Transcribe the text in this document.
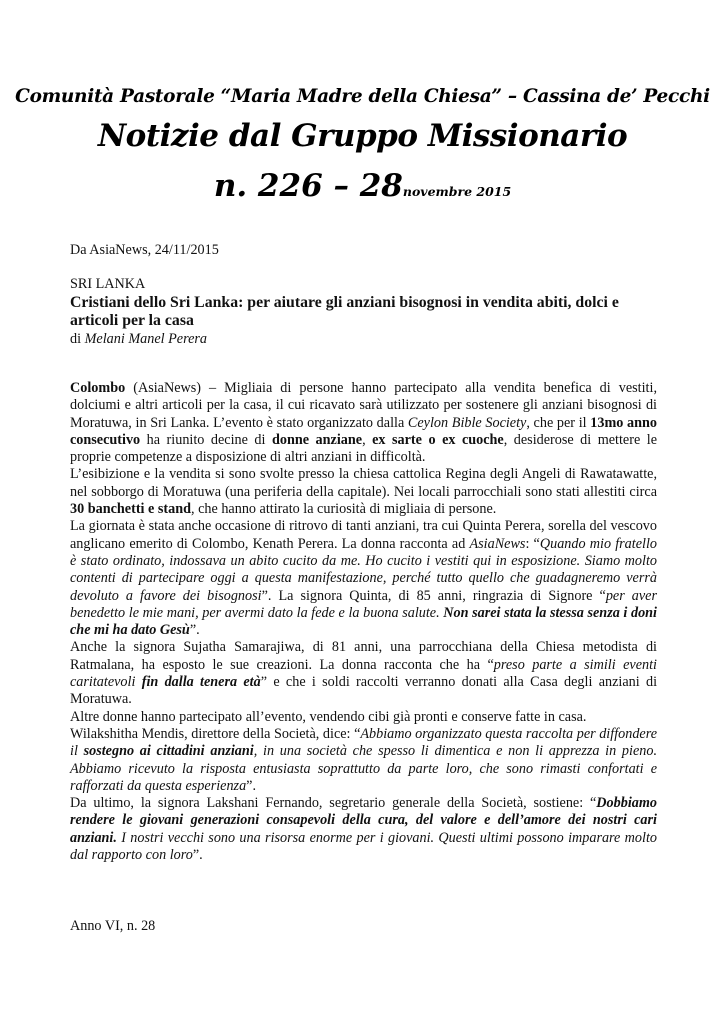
Comunità Pastorale “Maria Madre della Chiesa” – Cassina de’ Pecchi
Notizie dal Gruppo Missionario
n. 226 – 28novembre 2015
Da AsiaNews, 24/11/2015
SRI LANKA
Cristiani dello Sri Lanka: per aiutare gli anziani bisognosi in vendita abiti, dolci e articoli per la casa
di Melani Manel Perera

Colombo (AsiaNews) – Migliaia di persone hanno partecipato alla vendita benefica di vestiti, dolciumi e altri articoli per la casa, il cui ricavato sarà utilizzato per sostenere gli anziani bisognosi di Moratuwa, in Sri Lanka. L’evento è stato organizzato dalla Ceylon Bible Society, che per il 13mo anno consecutivo ha riunito decine di donne anziane, ex sarte o ex cuoche, desiderose di mettere le proprie competenze a disposizione di altri anziani in difficoltà.

L’esibizione e la vendita si sono svolte presso la chiesa cattolica Regina degli Angeli di Rawatawatte, nel sobborgo di Moratuwa (una periferia della capitale). Nei locali parrocchiali sono stati allestiti circa 30 banchetti e stand, che hanno attirato la curiosità di migliaia di persone.

La giornata è stata anche occasione di ritrovo di tanti anziani, tra cui Quinta Perera, sorella del vescovo anglicano emerito di Colombo, Kenath Perera. La donna racconta ad AsiaNews: “Quando mio fratello è stato ordinato, indossava un abito cucito da me. Ho cucito i vestiti qui in esposizione. Siamo molto contenti di partecipare oggi a questa manifestazione, perché tutto quello che guadagneremo verrà devoluto a favore dei bisognosi”. La signora Quinta, di 85 anni, ringrazia di Signore “per aver benedetto le mie mani, per avermi dato la fede e la buona salute. Non sarei stata la stessa senza i doni che mi ha dato Gesù”.

Anche la signora Sujatha Samarajiwa, di 81 anni, una parrocchiana della Chiesa metodista di Ratmalana, ha esposto le sue creazioni. La donna racconta che ha “preso parte a simili eventi caritatevoli fin dalla tenera età” e che i soldi raccolti verranno donati alla Casa degli anziani di Moratuwa.

Altre donne hanno partecipato all’evento, vendendo cibi già pronti e conserve fatte in casa.

Wilakshitha Mendis, direttore della Società, dice: “Abbiamo organizzato questa raccolta per diffondere il sostegno ai cittadini anziani, in una società che spesso li dimentica e non li apprezza in pieno. Abbiamo ricevuto la risposta entusiasta soprattutto da parte loro, che sono rimasti confortati e rafforzati da questa esperienza”.

Da ultimo, la signora Lakshani Fernando, segretario generale della Società, sostiene: “Dobbiamo rendere le giovani generazioni consapevoli della cura, del valore e dell’amore dei nostri cari anziani. I nostri vecchi sono una risorsa enorme per i giovani. Questi ultimi possono imparare molto dal rapporto con loro”.

Anno VI, n. 28
